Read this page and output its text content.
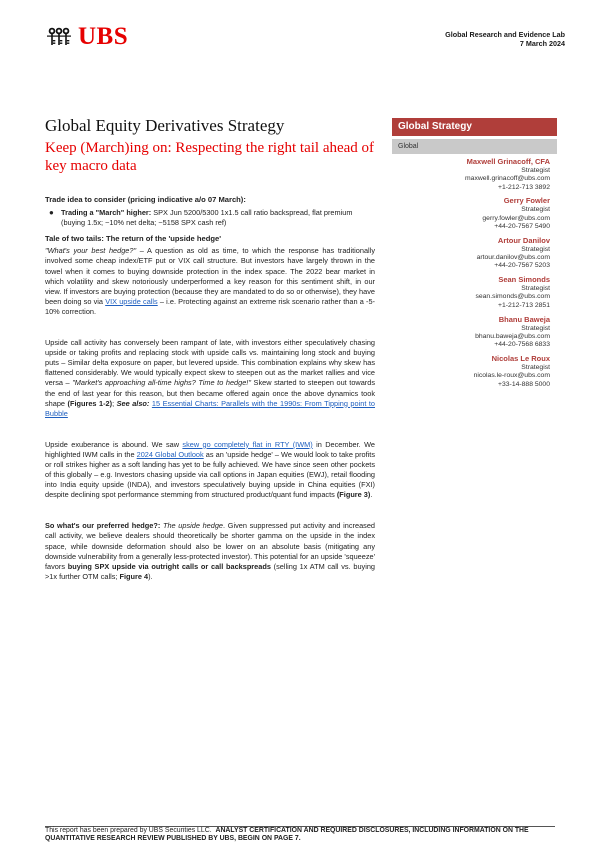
UBS	Global Research and Evidence Lab
7 March 2024
Global Equity Derivatives Strategy
Keep (March)ing on: Respecting the right tail ahead of key macro data
Global Strategy
Global
Maxwell Grinacoff, CFA
Strategist
maxwell.grinacoff@ubs.com
+1-212-713 3892
Gerry Fowler
Strategist
gerry.fowler@ubs.com
+44-20-7567 5490
Artour Danilov
Strategist
artour.danilov@ubs.com
+44-20-7567 5203
Sean Simonds
Strategist
sean.simonds@ubs.com
+1-212-713 2851
Bhanu Baweja
Strategist
bhanu.baweja@ubs.com
+44-20-7568 6833
Nicolas Le Roux
Strategist
nicolas.le-roux@ubs.com
+33-14-888 5000
Trade idea to consider (pricing indicative a/o 07 March):
● Trading a "March" higher: SPX Jun 5200/5300 1x1.5 call ratio backspread, flat premium (buying 1.5x; ~10% net delta; ~5158 SPX cash ref)
Tale of two tails: The return of the 'upside hedge'
"What's your best hedge?" – A question as old as time, to which the response has traditionally involved some cheap index/ETF put or VIX call structure. But investors have largely thrown in the towel when it comes to buying downside protection in the index space. The 2022 bear market in which volatility and skew notoriously underperformed a key reason for this sentiment shift, in our view. If investors are buying protection (because they are mandated to do so or otherwise), they have been doing so via VIX upside calls – i.e. Protecting against an extreme risk scenario rather than a -5-10% correction.
Upside call activity has conversely been rampant of late, with investors either speculatively chasing upside or taking profits and replacing stock with upside calls vs. maintaining long stock and buying puts – Similar delta exposure on paper, but levered upside. This combination explains why skew has flattened considerably. We would typically expect skew to steepen out as the market rallies and vice versa – "Market's approaching all-time highs? Time to hedge!" Skew started to steepen out towards the end of last year for this reason, but then became offered again once the above dynamics took shape (Figures 1-2); See also: 15 Essential Charts: Parallels with the 1990s: From Tipping point to Bubble
Upside exuberance is abound. We saw skew go completely flat in RTY (IWM) in December. We highlighted IWM calls in the 2024 Global Outlook as an 'upside hedge' – We would look to take profits or roll strikes higher as a soft landing has yet to be fully achieved. We have since seen other pockets of this globally – e.g. Investors chasing upside via call options in Japan equities (EWJ), retail flooding into India equity upside (INDA), and investors speculatively buying upside in China equities (FXI) despite declining spot performance stemming from structured product/quant fund impacts (Figure 3).
So what's our preferred hedge?: The upside hedge. Given suppressed put activity and increased call activity, we believe dealers should theoretically be shorter gamma on the upside in the index space, while downside deformation should also be lower on an absolute basis (mitigating any downside vulnerability from a generally less-protected investor). This potential for an upside 'squeeze' favors buying SPX upside via outright calls or call backspreads (selling 1x ATM call vs. buying >1x further OTM calls; Figure 4).
This report has been prepared by UBS Securities LLC. ANALYST CERTIFICATION AND REQUIRED DISCLOSURES, INCLUDING INFORMATION ON THE QUANTITATIVE RESEARCH REVIEW PUBLISHED BY UBS, BEGIN ON PAGE 7.
